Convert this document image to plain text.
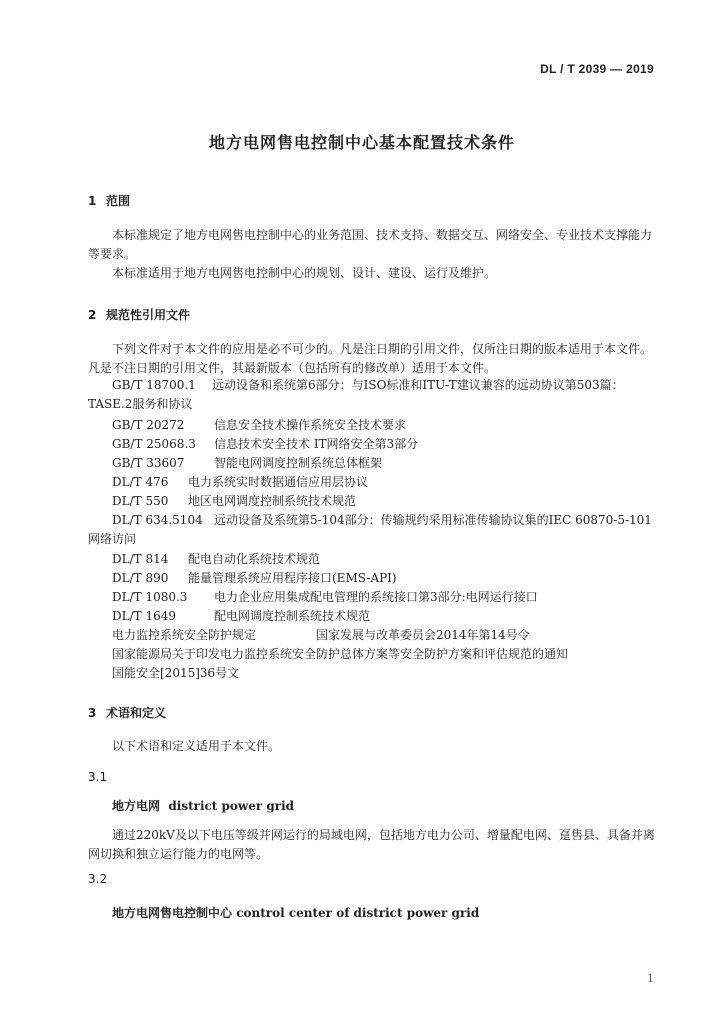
DL / T 2039 — 2019
地方电网售电控制中心基本配置技术条件
1 范围
本标准规定了地方电网售电控制中心的业务范围、技术支持、数据交互、网络安全、专业技术支撑能力等要求。
本标准适用于地方电网售电控制中心的规划、设计、建设、运行及维护。
2 规范性引用文件
下列文件对于本文件的应用是必不可少的。凡是注日期的引用文件，仅所注日期的版本适用于本文件。凡是不注日期的引用文件，其最新版本（包括所有的修改单）适用于本文件。
GB/T 18700.1 远动设备和系统第6部分：与ISO标准和ITU-T建议兼容的远动协议第503篇：
TASE.2服务和协议
GB/T 20272 信息安全技术操作系统安全技术要求
GB/T 25068.3 信息技术安全技术 IT网络安全第3部分
GB/T 33607 智能电网调度控制系统总体框架
DL/T 476 电力系统实时数据通信应用层协议
DL/T 550 地区电网调度控制系统技术规范
DL/T 634.5104 远动设备及系统第5-104部分：传输规约采用标准传输协议集的IEC 60870-5-101
网络访问
DL/T 814 配电自动化系统技术规范
DL/T 890 能量管理系统应用程序接口(EMS-API)
DL/T 1080.3 电力企业应用集成配电管理的系统接口第3部分:电网运行接口
DL/T 1649	配电网调度控制系统技术规范
电力监控系统安全防护规定	国家发展与改革委员会2014年第14号令
国家能源局关于印发电力监控系统安全防护总体方案等安全防护方案和评估规范的通知
国能安全[2015]36号文
3 术语和定义
以下术语和定义适用于本文件。
3.1
地方电网 district power grid
通过220kV及以下电压等级并网运行的局域电网，包括地方电力公司、增量配电网、趸售县、具备并离网切换和独立运行能力的电网等。
3.2
地方电网售电控制中心 control center of district power grid
1
